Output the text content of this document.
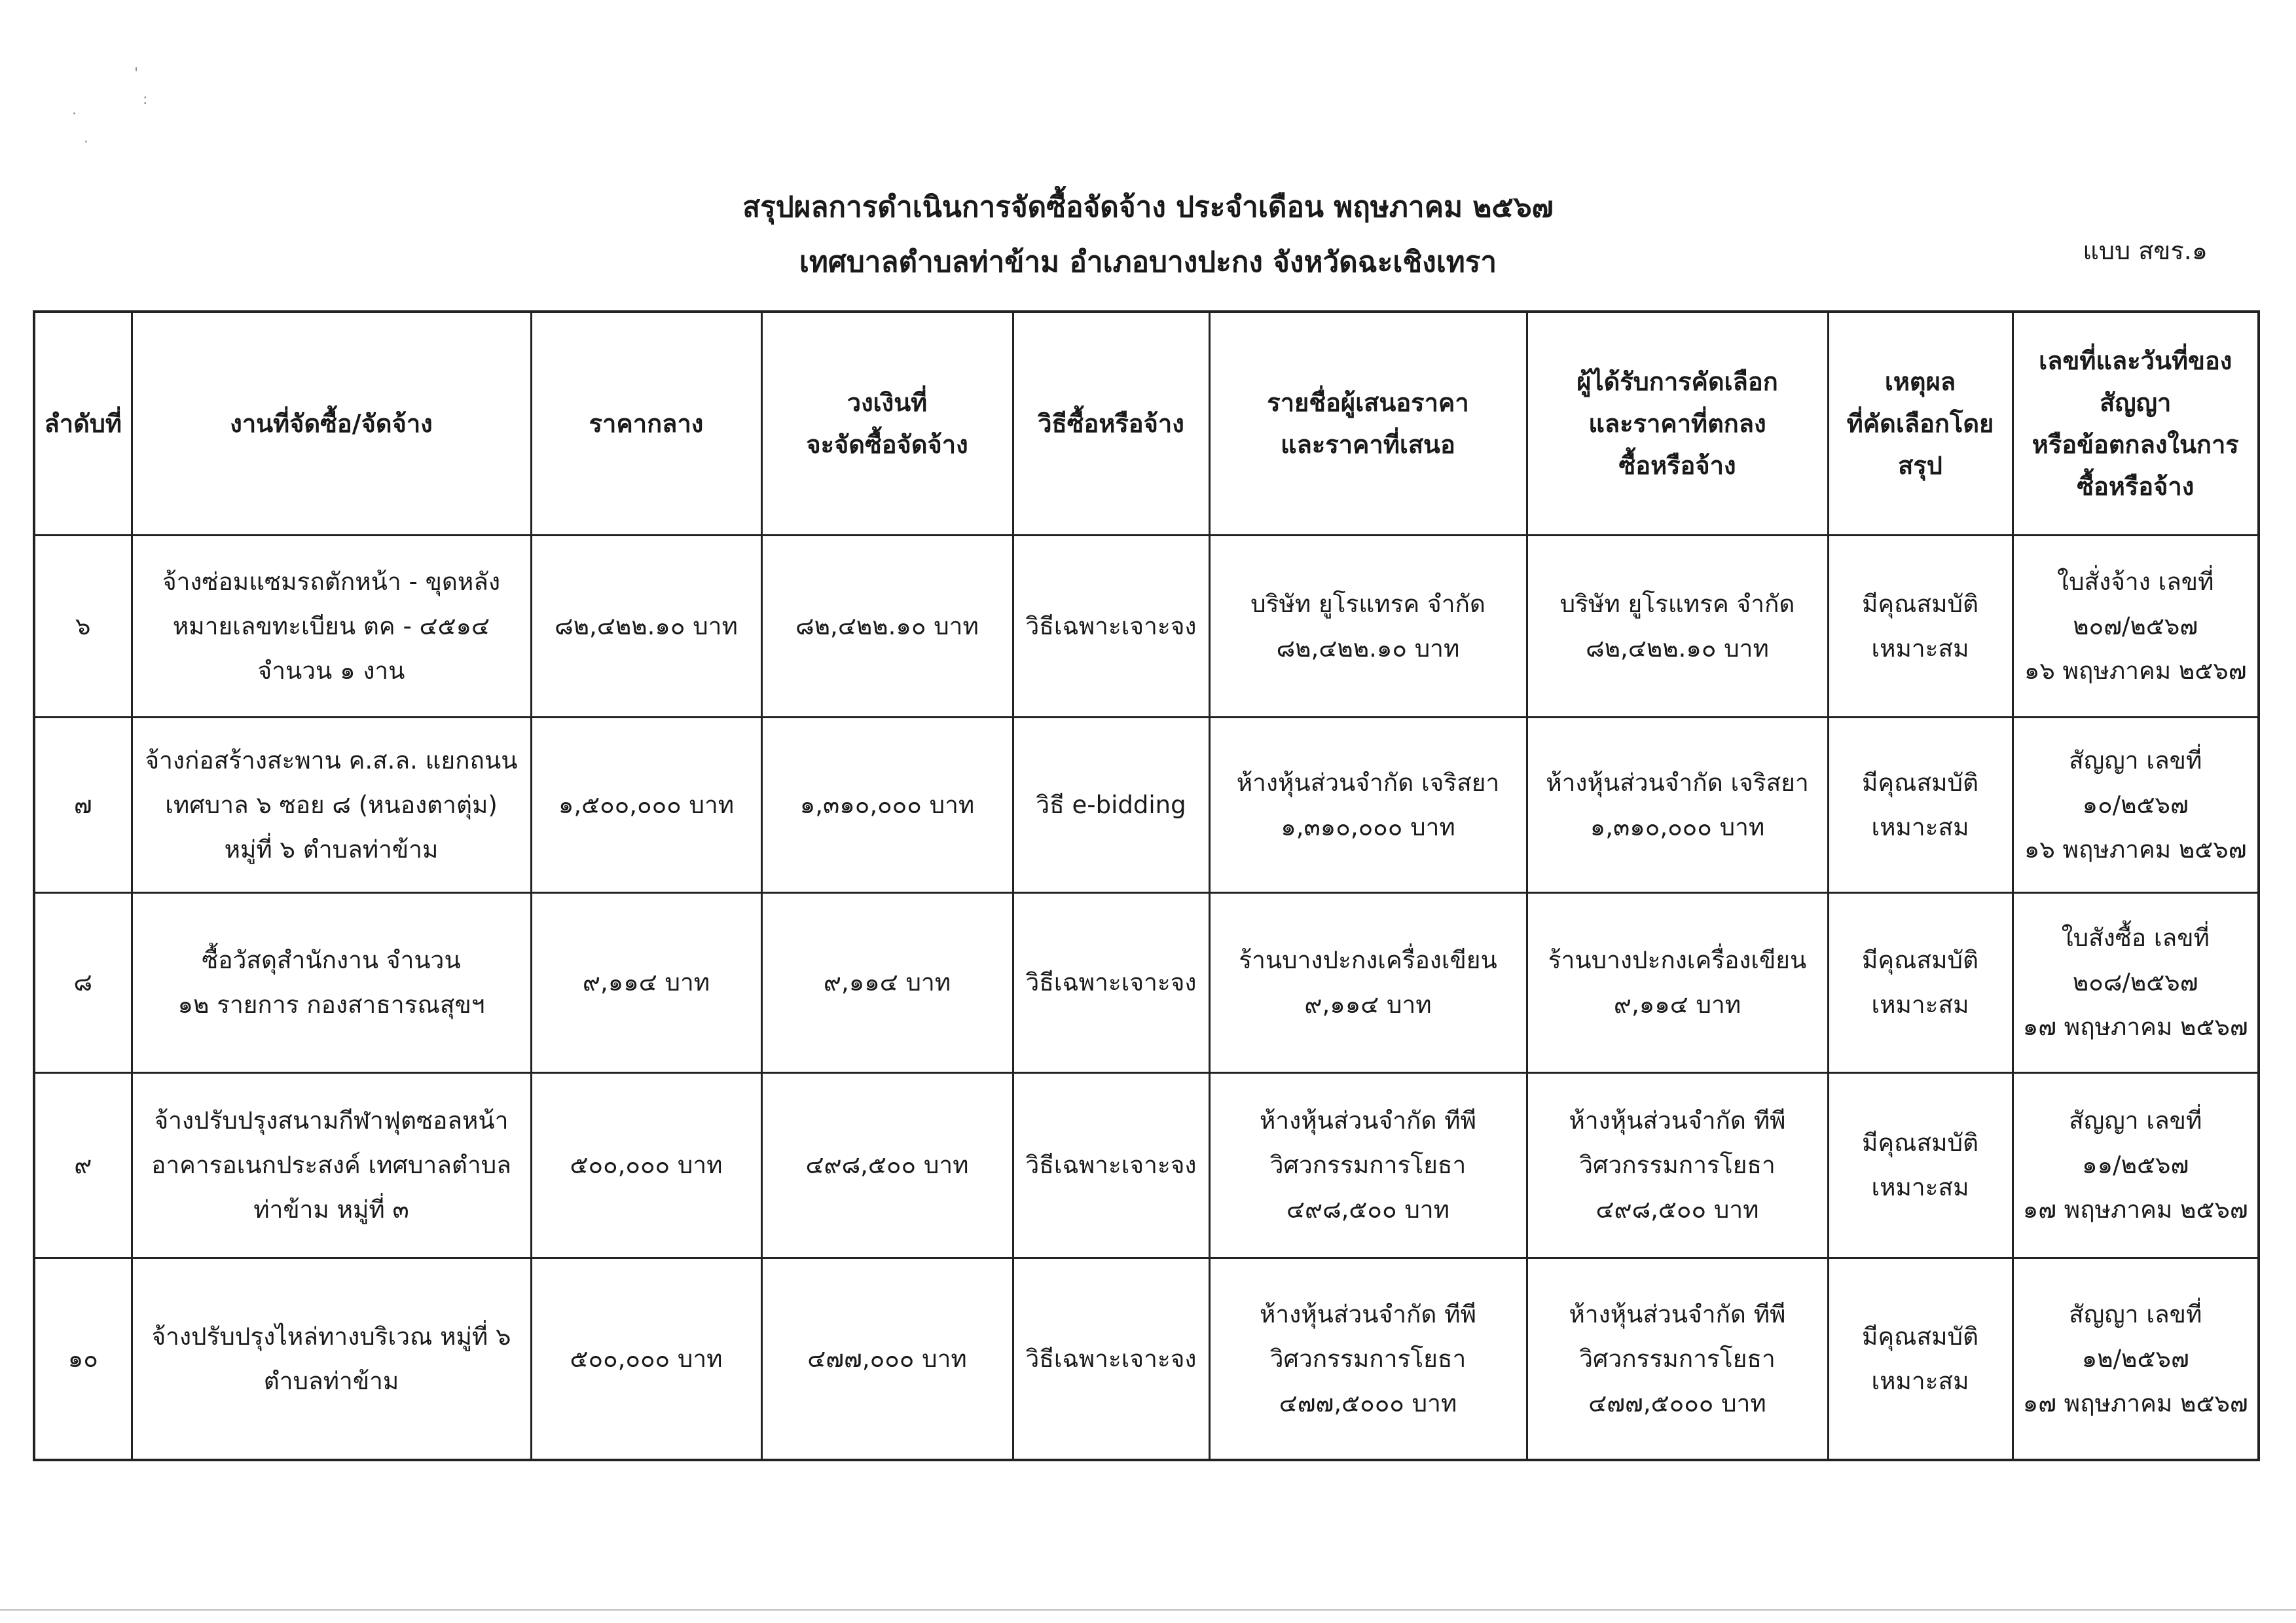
'
:
·
·
สรุปผลการดำเนินการจัดซื้อจัดจ้าง ประจำเดือน พฤษภาคม ๒๕๖๗
เทศบาลตำบลท่าข้าม อำเภอบางปะกง จังหวัดฉะเชิงเทรา	แบบ สขร.๑
ลำดับที่	งานที่จัดซื้อ/จัดจ้าง	ราคากลาง	วงเงินที่
จะจัดซื้อจัดจ้าง	วิธีซื้อหรือจ้าง	รายชื่อผู้เสนอราคา
และราคาที่เสนอ	ผู้ได้รับการคัดเลือก
และราคาที่ตกลง
ซื้อหรือจ้าง	เหตุผล
ที่คัดเลือกโดย
สรุป	เลขที่และวันที่ของ
สัญญา
หรือข้อตกลงในการ
ซื้อหรือจ้าง

๖	จ้างซ่อมแซมรถตักหน้า - ขุดหลัง
หมายเลขทะเบียน ตค - ๔๕๑๔
จำนวน ๑ งาน	๘๒,๔๒๒.๑๐ บาท	๘๒,๔๒๒.๑๐ บาท	วิธีเฉพาะเจาะจง	บริษัท ยูโรแทรค จำกัด
๘๒,๔๒๒.๑๐ บาท	บริษัท ยูโรแทรค จำกัด
๘๒,๔๒๒.๑๐ บาท	มีคุณสมบัติ
เหมาะสม	ใบสั่งจ้าง เลขที่
๒๐๗/๒๕๖๗
๑๖ พฤษภาคม ๒๕๖๗

๗	จ้างก่อสร้างสะพาน ค.ส.ล. แยกถนน
เทศบาล ๖ ซอย ๘ (หนองตาตุ่ม)
หมู่ที่ ๖ ตำบลท่าข้าม	๑,๕๐๐,๐๐๐ บาท	๑,๓๑๐,๐๐๐ บาท	วิธี e-bidding	ห้างหุ้นส่วนจำกัด เจริสยา
๑,๓๑๐,๐๐๐ บาท	ห้างหุ้นส่วนจำกัด เจริสยา
๑,๓๑๐,๐๐๐ บาท	มีคุณสมบัติ
เหมาะสม	สัญญา เลขที่
๑๐/๒๕๖๗
๑๖ พฤษภาคม ๒๕๖๗

๘	ซื้อวัสดุสำนักงาน จำนวน
๑๒ รายการ กองสาธารณสุขฯ	๙,๑๑๔ บาท	๙,๑๑๔ บาท	วิธีเฉพาะเจาะจง	ร้านบางปะกงเครื่องเขียน
๙,๑๑๔ บาท	ร้านบางปะกงเครื่องเขียน
๙,๑๑๔ บาท	มีคุณสมบัติ
เหมาะสม	ใบสังซื้อ เลขที่
๒๐๘/๒๕๖๗
๑๗ พฤษภาคม ๒๕๖๗

๙	จ้างปรับปรุงสนามกีฬาฟุตซอลหน้า
อาคารอเนกประสงค์ เทศบาลตำบล
ท่าข้าม หมู่ที่ ๓	๕๐๐,๐๐๐ บาท	๔๙๘,๕๐๐ บาท	วิธีเฉพาะเจาะจง	ห้างหุ้นส่วนจำกัด ทีพี
วิศวกรรมการโยธา
๔๙๘,๕๐๐ บาท	ห้างหุ้นส่วนจำกัด ทีพี
วิศวกรรมการโยธา
๔๙๘,๕๐๐ บาท	มีคุณสมบัติ
เหมาะสม	สัญญา เลขที่
๑๑/๒๕๖๗
๑๗ พฤษภาคม ๒๕๖๗

๑๐	จ้างปรับปรุงไหล่ทางบริเวณ หมู่ที่ ๖
ตำบลท่าข้าม	๕๐๐,๐๐๐ บาท	๔๗๗,๐๐๐ บาท	วิธีเฉพาะเจาะจง	ห้างหุ้นส่วนจำกัด ทีพี
วิศวกรรมการโยธา
๔๗๗,๕๐๐๐ บาท	ห้างหุ้นส่วนจำกัด ทีพี
วิศวกรรมการโยธา
๔๗๗,๕๐๐๐ บาท	มีคุณสมบัติ
เหมาะสม	สัญญา เลขที่
๑๒/๒๕๖๗
๑๗ พฤษภาคม ๒๕๖๗
